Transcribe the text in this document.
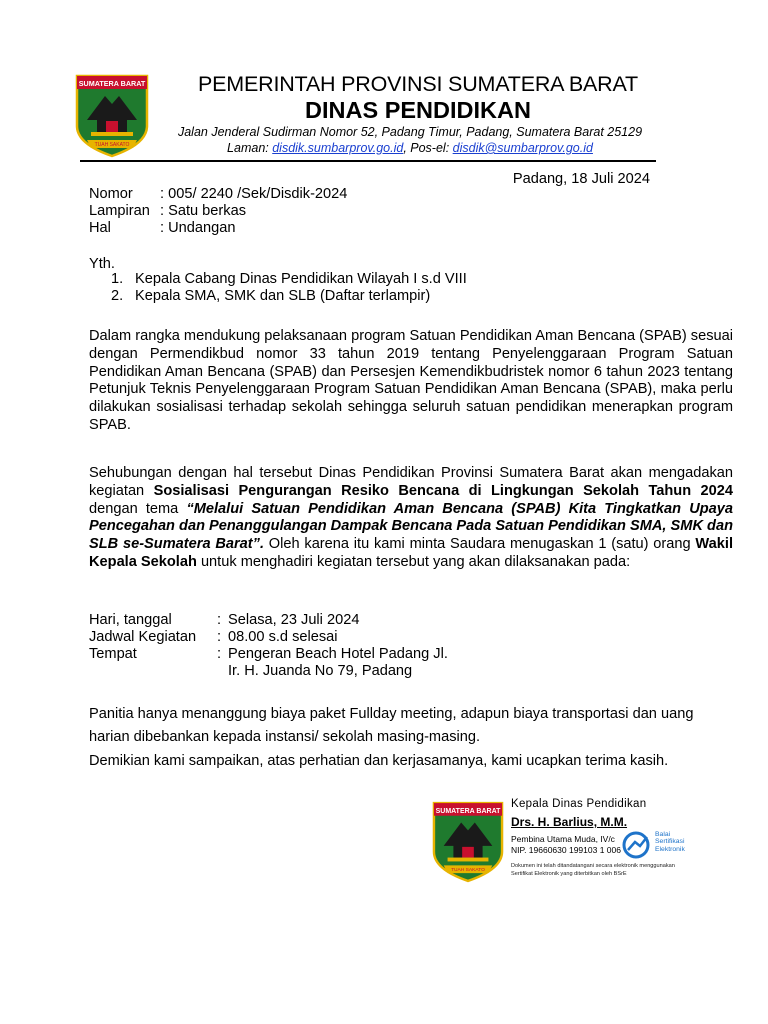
SUMATERA BARAT
TUAH SAKATO
PEMERINTAH PROVINSI SUMATERA BARAT
DINAS PENDIDIKAN
Jalan Jenderal Sudirman Nomor 52, Padang Timur, Padang, Sumatera Barat 25129
Laman: disdik.sumbarprov.go.id, Pos-el: disdik@sumbarprov.go.id
Padang, 18 Juli 2024
Nomor : 005/ 2240 /Sek/Disdik-2024
Lampiran : Satu berkas
Hal	: Undangan
Yth.
1. Kepala Cabang Dinas Pendidikan Wilayah I s.d VIII
2. Kepala SMA, SMK dan SLB (Daftar terlampir)
Dalam rangka mendukung pelaksanaan program Satuan Pendidikan Aman Bencana (SPAB) sesuai dengan Permendikbud nomor 33 tahun 2019 tentang Penyelenggaraan Program Satuan Pendidikan Aman Bencana (SPAB) dan Persesjen Kemendikbudristek nomor 6 tahun 2023 tentang Petunjuk Teknis Penyelenggaraan Program Satuan Pendidikan Aman Bencana (SPAB), maka perlu dilakukan sosialisasi terhadap sekolah sehingga seluruh satuan pendidikan menerapkan program SPAB.
Sehubungan dengan hal tersebut Dinas Pendidikan Provinsi Sumatera Barat akan mengadakan kegiatan Sosialisasi Pengurangan Resiko Bencana di Lingkungan Sekolah Tahun 2024 dengan tema “Melalui Satuan Pendidikan Aman Bencana (SPAB) Kita Tingkatkan Upaya Pencegahan dan Penanggulangan Dampak Bencana Pada Satuan Pendidikan SMA, SMK dan SLB se-Sumatera Barat”. Oleh karena itu kami minta Saudara menugaskan 1 (satu) orang Wakil Kepala Sekolah untuk menghadiri kegiatan tersebut yang akan dilaksanakan pada:
Hari, tanggal	: Selasa, 23 Juli 2024
Jadwal Kegiatan : 08.00 s.d selesai
Tempat	: Pengeran Beach Hotel Padang Jl.
Ir. H. Juanda No 79, Padang
Panitia hanya menanggung biaya paket Fullday meeting, adapun biaya transportasi dan uang
harian dibebankan kepada instansi/ sekolah masing-masing.
Demikian kami sampaikan, atas perhatian dan kerjasamanya, kami ucapkan terima kasih.
SUMATERA BARAT
TUAH SAKATO
Kepala Dinas Pendidikan
Drs. H. Barlius, M.M.
Pembina Utama Muda, IV/c
NIP. 19660630 199103 1 006
Balai
Sertifikasi
Elektronik
Dokumen ini telah ditandatangani secara elektronik menggunakan
Sertifikat Elektronik yang diterbitkan oleh BSrE
